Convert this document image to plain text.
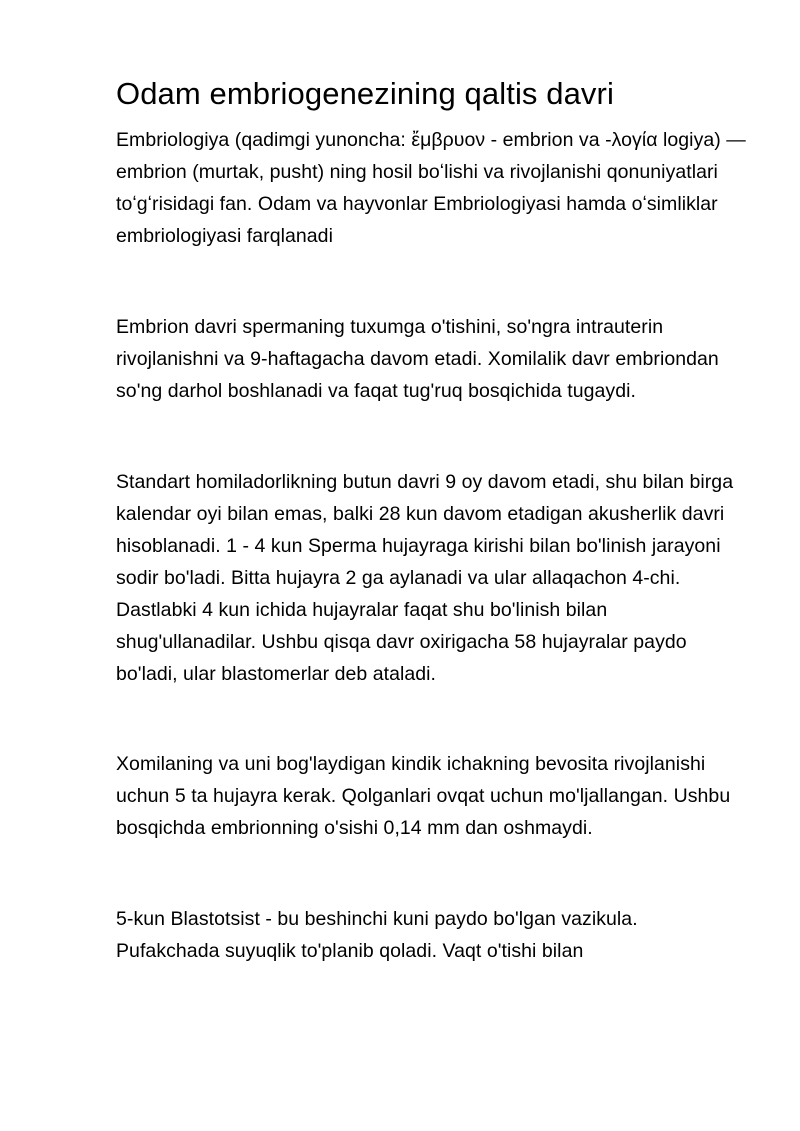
Odam embriogenezining qaltis davri

Embriologiya (qadimgi yunoncha: ἔμβρυον - embrion va -λογία logiya) — embrion (murtak, pusht) ning hosil boʻlishi va rivojlanishi qonuniyatlari toʻgʻrisidagi fan. Odam va hayvonlar Embriologiyasi hamda oʻsimliklar embriologiyasi farqlanadi

Embrion davri spermaning tuxumga o'tishini, so'ngra intrauterin rivojlanishni va 9-haftagacha davom etadi. Xomilalik davr embriondan so'ng darhol boshlanadi va faqat tug'ruq bosqichida tugaydi.

Standart homiladorlikning butun davri 9 oy davom etadi, shu bilan birga kalendar oyi bilan emas, balki 28 kun davom etadigan akusherlik davri hisoblanadi. 1 - 4 kun Sperma hujayraga kirishi bilan bo'linish jarayoni sodir bo'ladi. Bitta hujayra 2 ga aylanadi va ular allaqachon 4-chi. Dastlabki 4 kun ichida hujayralar faqat shu bo'linish bilan shug'ullanadilar. Ushbu qisqa davr oxirigacha 58 hujayralar paydo bo'ladi, ular blastomerlar deb ataladi.

Xomilaning va uni bog'laydigan kindik ichakning bevosita rivojlanishi uchun 5 ta hujayra kerak. Qolganlari ovqat uchun mo'ljallangan. Ushbu bosqichda embrionning o'sishi 0,14 mm dan oshmaydi.

5-kun Blastotsist - bu beshinchi kuni paydo bo'lgan vazikula. Pufakchada suyuqlik to'planib qoladi. Vaqt o'tishi bilan
